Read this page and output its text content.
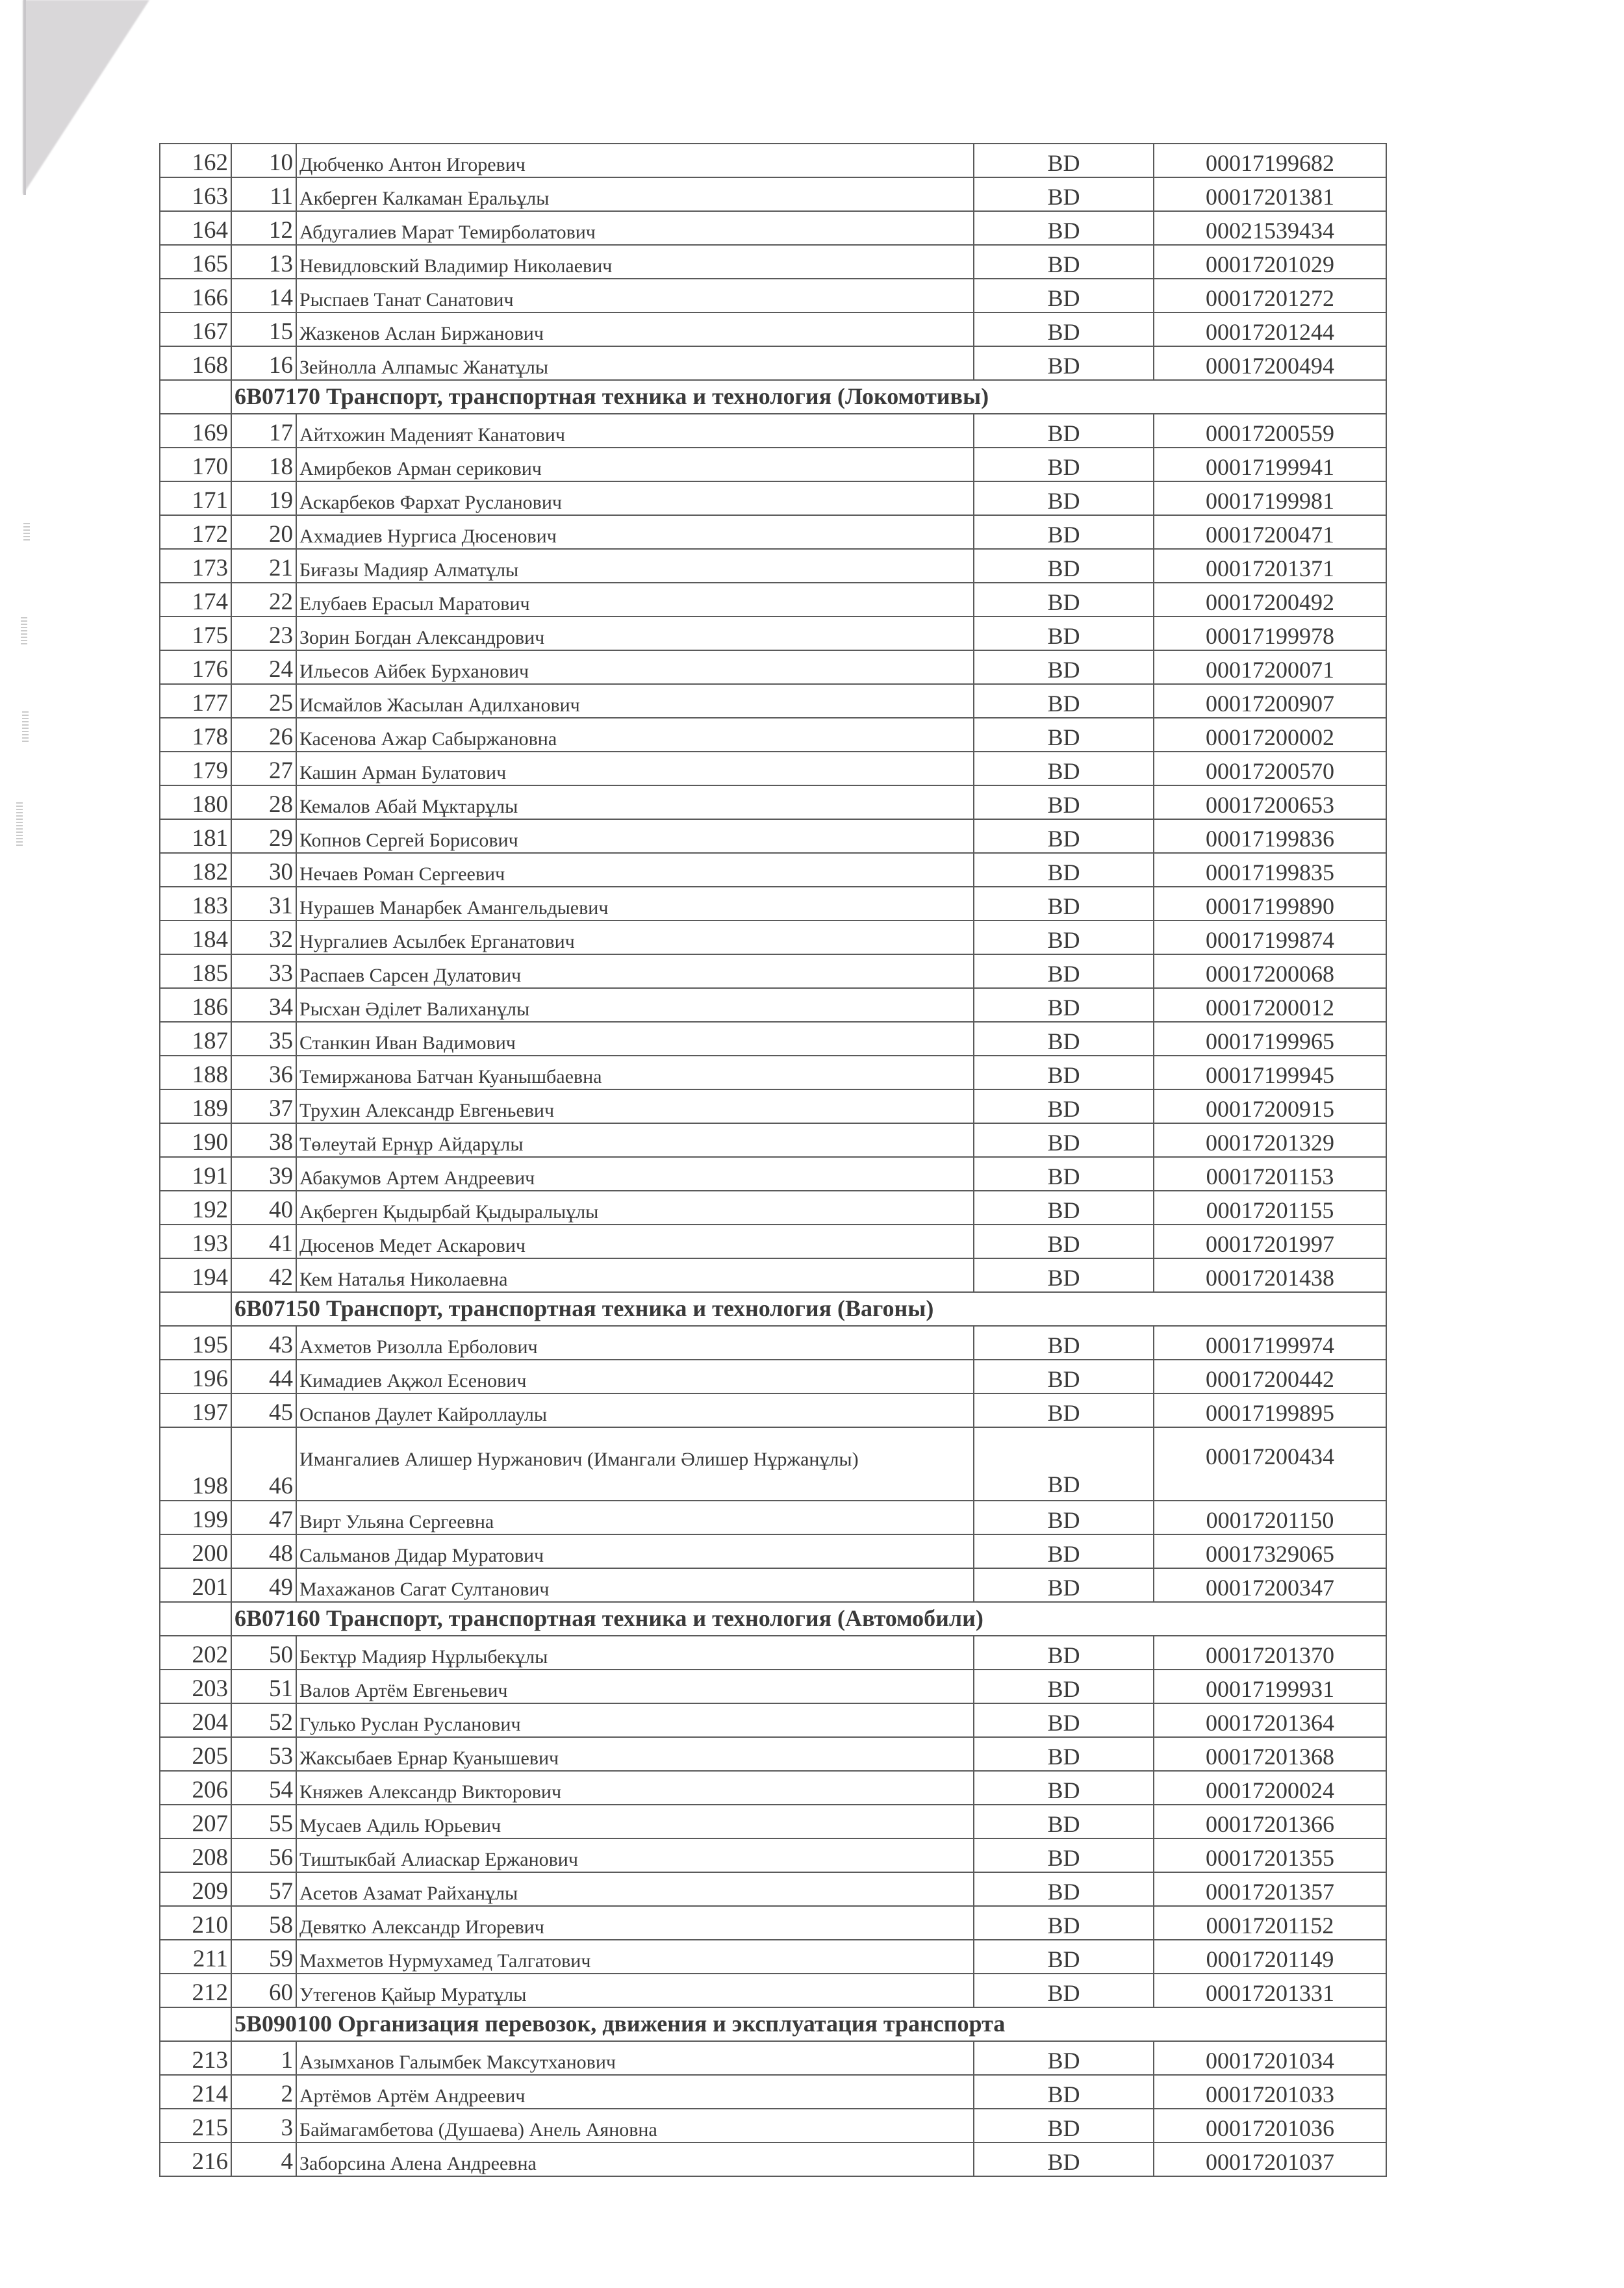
162	10	Дюбченко Антон Игоревич	BD	00017199682
163	11	Акберген Калкаман Еральұлы	BD	00017201381
164	12	Абдугалиев Марат Темирболатович	BD	00021539434
165	13	Невидловский Владимир Николаевич	BD	00017201029
166	14	Рыспаев Танат Санатович	BD	00017201272
167	15	Жазкенов Аслан Биржанович	BD	00017201244
168	16	Зейнолла Алпамыс Жанатұлы	BD	00017200494
	6В07170 Транспорт, транспортная техника и технология (Локомотивы)			
169	17	Айтхожин Маденият Канатович	BD	00017200559
170	18	Амирбеков Арман серикович	BD	00017199941
171	19	Аскарбеков Фархат Русланович	BD	00017199981
172	20	Ахмадиев Нургиса Дюсенович	BD	00017200471
173	21	Биғазы Мадияр Алматұлы	BD	00017201371
174	22	Елубаев Ерасыл Маратович	BD	00017200492
175	23	Зорин Богдан Александрович	BD	00017199978
176	24	Ильесов Айбек Бурханович	BD	00017200071
177	25	Исмайлов Жасылан Адилханович	BD	00017200907
178	26	Касенова Ажар Сабыржановна	BD	00017200002
179	27	Кашин Арман Булатович	BD	00017200570
180	28	Кемалов Абай Мұктарұлы	BD	00017200653
181	29	Копнов Сергей Борисович	BD	00017199836
182	30	Нечаев Роман Сергеевич	BD	00017199835
183	31	Нурашев Манарбек Амангельдыевич	BD	00017199890
184	32	Нургалиев Асылбек Ерганатович	BD	00017199874
185	33	Распаев Сарсен Дулатович	BD	00017200068
186	34	Рысхан Әділет Валиханұлы	BD	00017200012
187	35	Станкин Иван Вадимович	BD	00017199965
188	36	Темиржанова Батчан Куанышбаевна	BD	00017199945
189	37	Трухин Александр Евгеньевич	BD	00017200915
190	38	Төлеутай Ернұр Айдарұлы	BD	00017201329
191	39	Абакумов Артем Андреевич	BD	00017201153
192	40	Ақберген Қыдырбай Қыдыралыұлы	BD	00017201155
193	41	Дюсенов Медет Аскарович	BD	00017201997
194	42	Кем Наталья Николаевна	BD	00017201438
	6В07150 Транспорт, транспортная техника и технология (Вагоны)			
195	43	Ахметов Ризолла Ерболович	BD	00017199974
196	44	Кимадиев Ақжол Есенович	BD	00017200442
197	45	Оспанов Даулет Кайроллаулы	BD	00017199895
198	46	Имангалиев Алишер Нуржанович (Имангали Әлишер Нұржанұлы)	BD	00017200434
199	47	Вирт Ульяна Сергеевна	BD	00017201150
200	48	Сальманов Дидар Муратович	BD	00017329065
201	49	Махажанов Сагат Султанович	BD	00017200347
	6В07160 Транспорт, транспортная техника и технология (Автомобили)			
202	50	Бектұр Мадияр Нұрлыбекұлы	BD	00017201370
203	51	Валов Артём Евгеньевич	BD	00017199931
204	52	Гулько Руслан Русланович	BD	00017201364
205	53	Жаксыбаев Ернар Куанышевич	BD	00017201368
206	54	Княжев Александр Викторович	BD	00017200024
207	55	Мусаев Адиль Юрьевич	BD	00017201366
208	56	Тиштыкбай Алиаскар Ержанович	BD	00017201355
209	57	Асетов Азамат Райханұлы	BD	00017201357
210	58	Девятко Александр Игоревич	BD	00017201152
211	59	Махметов Нурмухамед Талгатович	BD	00017201149
212	60	Утегенов Қайыр Муратұлы	BD	00017201331
	5В090100 Организация перевозок, движения и эксплуатация транспорта			
213	1	Азымханов Галымбек Максутханович	BD	00017201034
214	2	Артёмов Артём Андреевич	BD	00017201033
215	3	Баймагамбетова (Душаева) Анель Аяновна	BD	00017201036
216	4	Заборсина Алена Андреевна	BD	00017201037
